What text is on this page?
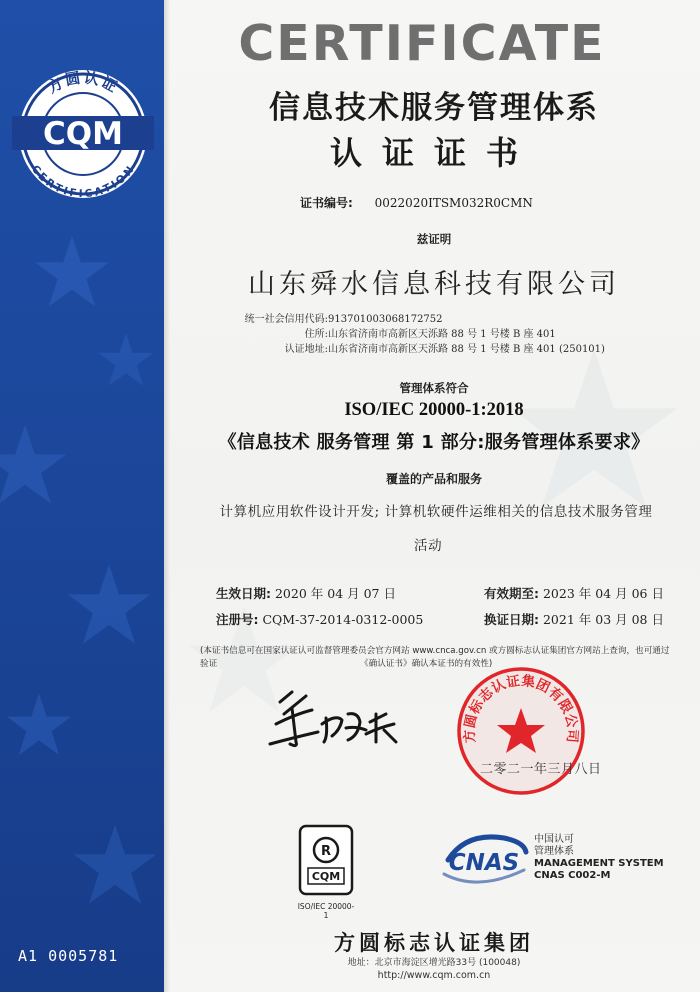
方圆认证
CERTIFICATION
CQM
A1 0005781
CERTIFICATE
信息技术服务管理体系
认证证书
证书编号: 0022020ITSM032R0CMN
兹证明
山东舜水信息科技有限公司
统一社会信用代码:913701003068172752
住所:山东省济南市高新区天泺路 88 号 1 号楼 B 座 401
认证地址:山东省济南市高新区天泺路 88 号 1 号楼 B 座 401 (250101)
管理体系符合
ISO/IEC 20000-1:2018
《信息技术 服务管理 第 1 部分:服务管理体系要求》
覆盖的产品和服务
计算机应用软件设计开发; 计算机软硬件运维相关的信息技术服务管理
活动
生效日期: 2020 年 04 月 07 日	有效期至: 2023 年 04 月 06 日
注册号: CQM-37-2014-0312-0005	换证日期: 2021 年 03 月 08 日
(本证书信息可在国家认证认可监督管理委员会官方网站 www.cnca.gov.cn 或方圆标志认证集团官方网站上查询，也可通过验证	《确认证书》确认本证书的有效性)
赞 此 乐
方圆标志认证集团有限公司
二零二一年三月八日
R
CQM
ISO/IEC 20000-1
CNAS
中国认可
管理体系
MANAGEMENT SYSTEM
CNAS C002-M
方圆标志认证集团
地址：北京市海淀区增光路33号 (100048)
http://www.cqm.com.cn
